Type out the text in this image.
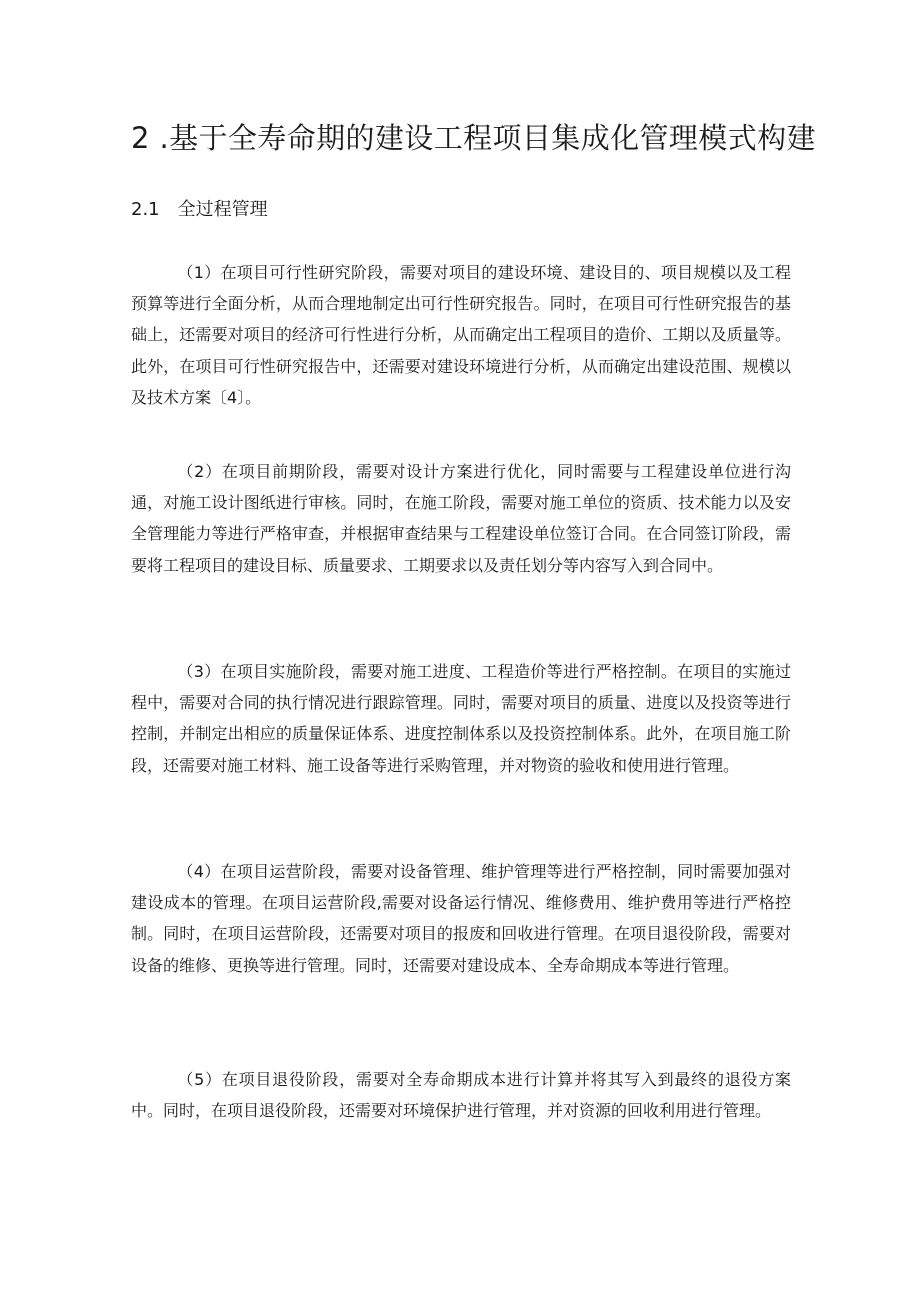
2 .基于全寿命期的建设工程项目集成化管理模式构建
2.1 全过程管理

（1）在项目可行性研究阶段，需要对项目的建设环境、建设目的、项目规模以及工程预算等进行全面分析，从而合理地制定出可行性研究报告。同时，在项目可行性研究报告的基础上，还需要对项目的经济可行性进行分析，从而确定出工程项目的造价、工期以及质量等。此外，在项目可行性研究报告中，还需要对建设环境进行分析，从而确定出建设范围、规模以及技术方案〔4〕。

（2）在项目前期阶段，需要对设计方案进行优化，同时需要与工程建设单位进行沟通，对施工设计图纸进行审核。同时，在施工阶段，需要对施工单位的资质、技术能力以及安全管理能力等进行严格审查，并根据审查结果与工程建设单位签订合同。在合同签订阶段，需要将工程项目的建设目标、质量要求、工期要求以及责任划分等内容写入到合同中。

（3）在项目实施阶段，需要对施工进度、工程造价等进行严格控制。在项目的实施过程中，需要对合同的执行情况进行跟踪管理。同时，需要对项目的质量、进度以及投资等进行控制，并制定出相应的质量保证体系、进度控制体系以及投资控制体系。此外，在项目施工阶段，还需要对施工材料、施工设备等进行采购管理，并对物资的验收和使用进行管理。

（4）在项目运营阶段，需要对设备管理、维护管理等进行严格控制，同时需要加强对建设成本的管理。在项目运营阶段,需要对设备运行情况、维修费用、维护费用等进行严格控制。同时，在项目运营阶段，还需要对项目的报废和回收进行管理。在项目退役阶段，需要对设备的维修、更换等进行管理。同时，还需要对建设成本、全寿命期成本等进行管理。

（5）在项目退役阶段，需要对全寿命期成本进行计算并将其写入到最终的退役方案中。同时，在项目退役阶段，还需要对环境保护进行管理，并对资源的回收利用进行管理。
